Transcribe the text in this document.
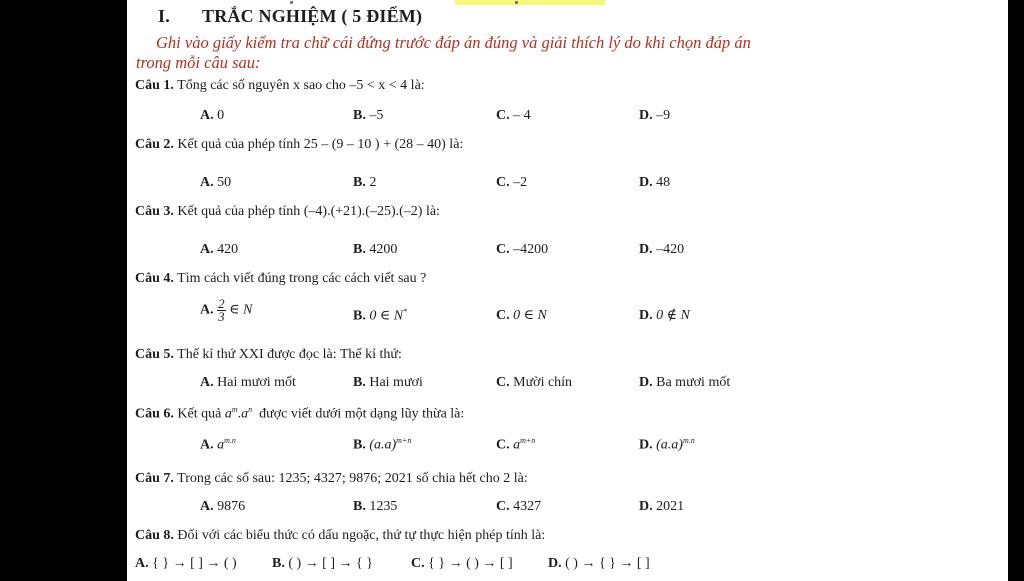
I. TRẮC NGHIỆM ( 5 ĐIỂM)
Ghi vào giấy kiểm tra chữ cái đứng trước đáp án đúng và giải thích lý do khi chọn đáp án
trong mỗi câu sau:
Câu 1. Tổng các số nguyên x sao cho –5 < x < 4 là:
A. 0	B. –5	C. – 4	D. –9
Câu 2. Kết quả của phép tính 25 – (9 – 10 ) + (28 – 40) là:
A. 50	B. 2	C. –2	D. 48
Câu 3. Kết quả của phép tính (–4).(+21).(–25).(–2) là:
A. 420	B. 4200	C. –4200	D. –420
Câu 4. Tìm cách viết đúng trong các cách viết sau ?
A. $\frac{2}{3}$ ∈ N	B. 0 ∈ N*	C. 0 ∈ N	D. 0 ∉ N
Câu 5. Thế kỉ thứ XXI được đọc là: Thế kỉ thứ:
A. Hai mươi mốt	B. Hai mươi	C. Mười chín	D. Ba mươi mốt
Câu 6. Kết quả $a^m.a^n$ được viết dưới một dạng lũy thừa là:
A. $a^{m.n}$	B. $(a.a)^{m+n}$	C. $a^{m+n}$	D. $(a.a)^{m.n}$
Câu 7. Trong các số sau: 1235; 4327; 9876; 2021 số chia hết cho 2 là:
A. 9876	B. 1235	C. 4327	D. 2021
Câu 8. Đối với các biểu thức có dấu ngoặc, thứ tự thực hiện phép tính là:
A. { } → [ ] → ( )	B. ( ) → [ ] → { }	C. { } → ( ) → [ ]	D. ( ) → { } → [ ]
